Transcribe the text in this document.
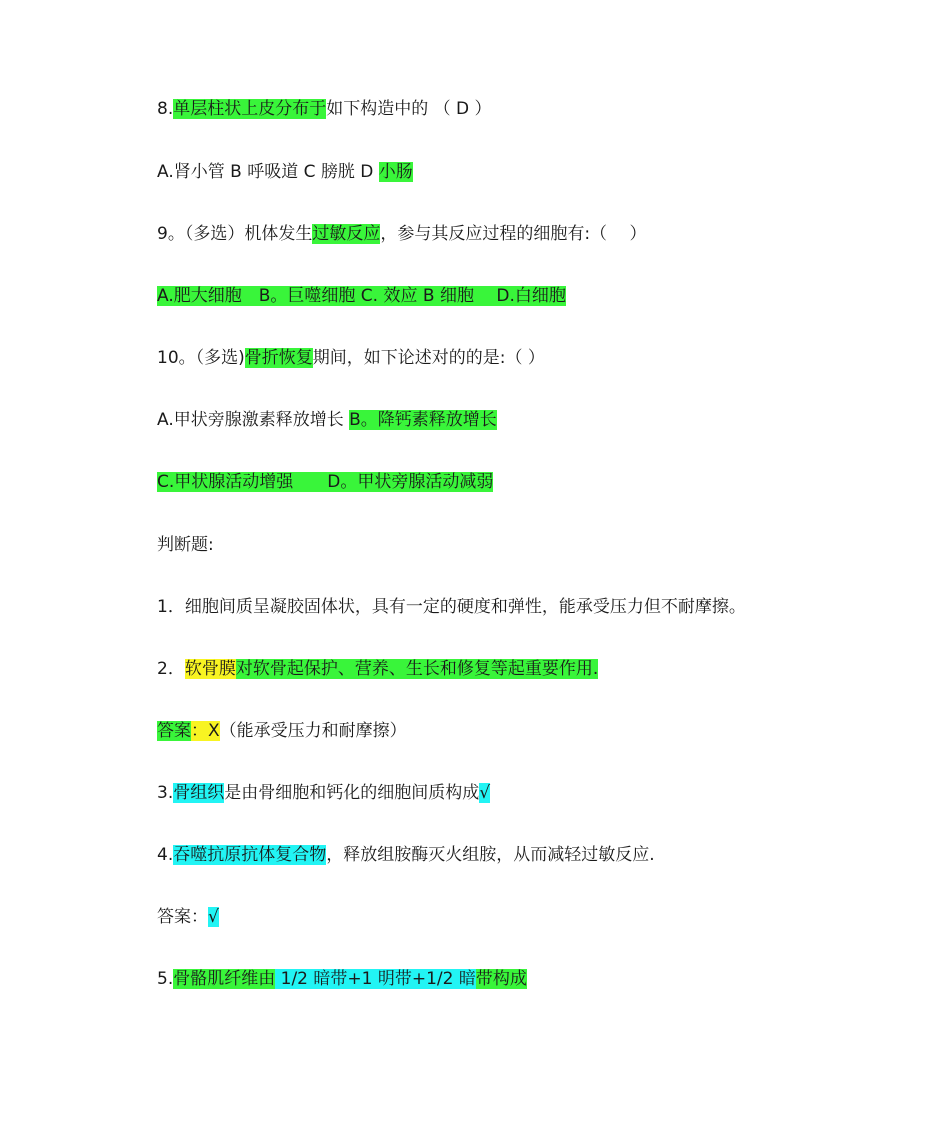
8.单层柱状上皮分布于如下构造中的 （ D ）
A.肾小管 B 呼吸道 C 膀胱 D 小肠
9。（多选）机体发生过敏反应，参与其反应过程的细胞有:（　 ）
A.肥大细胞　B。巨噬细胞 C. 效应 B 细胞　 D.白细胞
10。（多选)骨折恢复期间，如下论述对的的是:（ ）
A.甲状旁腺激素释放增长 B。降钙素释放增长
C.甲状腺活动增强　　D。甲状旁腺活动减弱
判断题:
1．细胞间质呈凝胶固体状，具有一定的硬度和弹性，能承受压力但不耐摩擦。
2．软骨膜对软骨起保护、营养、生长和修复等起重要作用.
答案：X（能承受压力和耐摩擦）
3.骨组织是由骨细胞和钙化的细胞间质构成√
4.吞噬抗原抗体复合物，释放组胺酶灭火组胺，从而减轻过敏反应.
答案：√
5.骨骼肌纤维由 1/2 暗带+1 明带+1/2 暗带构成
